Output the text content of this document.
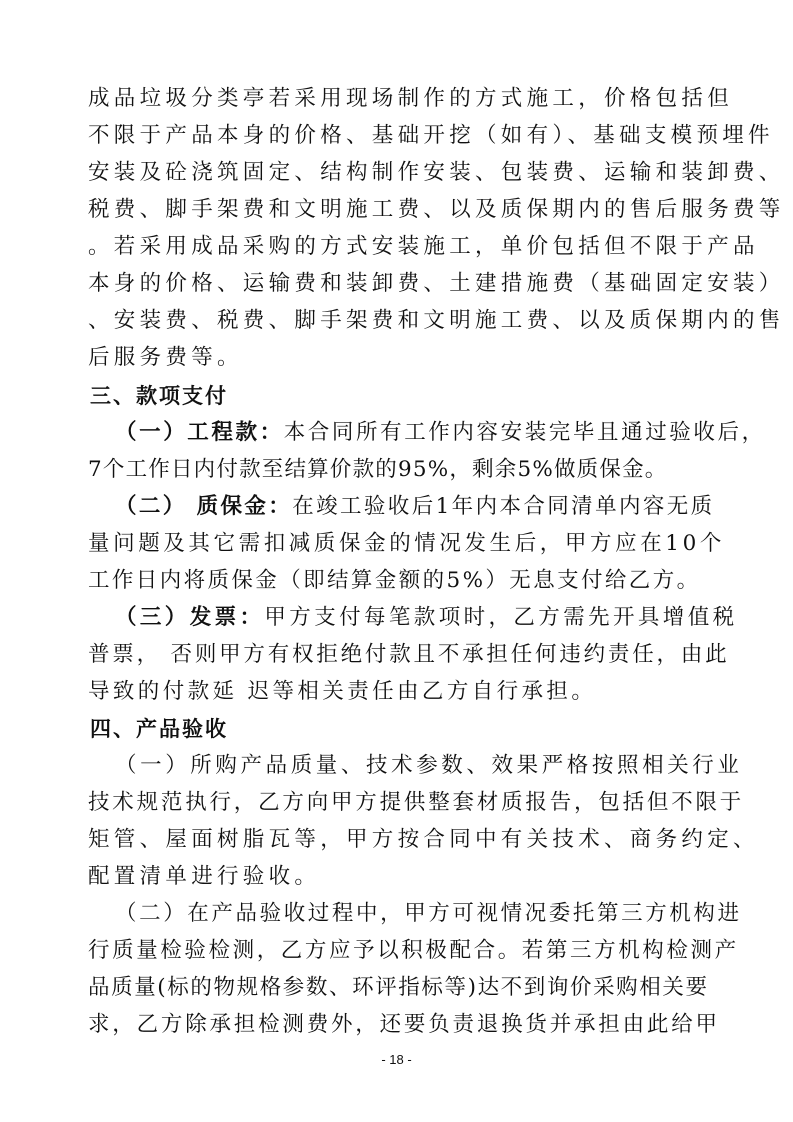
成品垃圾分类亭若采用现场制作的方式施工，价格包括但
不限于产品本身的价格、基础开挖（如有）、基础支模预埋件
安装及砼浇筑固定、结构制作安装、包装费、运输和装卸费、
税费、脚手架费和文明施工费、以及质保期内的售后服务费等
。若采用成品采购的方式安装施工，单价包括但不限于产品
本身的价格、运输费和装卸费、土建措施费（基础固定安装）
、安装费、税费、脚手架费和文明施工费、以及质保期内的售
后服务费等。
三、款项支付
（一）工程款：本合同所有工作内容安装完毕且通过验收后，
7个工作日内付款至结算价款的95%，剩余5%做质保金。
（二） 质保金：在竣工验收后1年内本合同清单内容无质
量问题及其它需扣减质保金的情况发生后，甲方应在10个
工作日内将质保金（即结算金额的5%）无息支付给乙方。
（三）发票：甲方支付每笔款项时，乙方需先开具增值税
普票， 否则甲方有权拒绝付款且不承担任何违约责任，由此
导致的付款延 迟等相关责任由乙方自行承担。
四、产品验收
（一）所购产品质量、技术参数、效果严格按照相关行业
技术规范执行，乙方向甲方提供整套材质报告，包括但不限于
矩管、屋面树脂瓦等，甲方按合同中有关技术、商务约定、
配置清单进行验收。
（二）在产品验收过程中，甲方可视情况委托第三方机构进
行质量检验检测，乙方应予以积极配合。若第三方机构检测产
品质量(标的物规格参数、环评指标等)达不到询价采购相关要
求，乙方除承担检测费外，还要负责退换货并承担由此给甲
- 18 -
